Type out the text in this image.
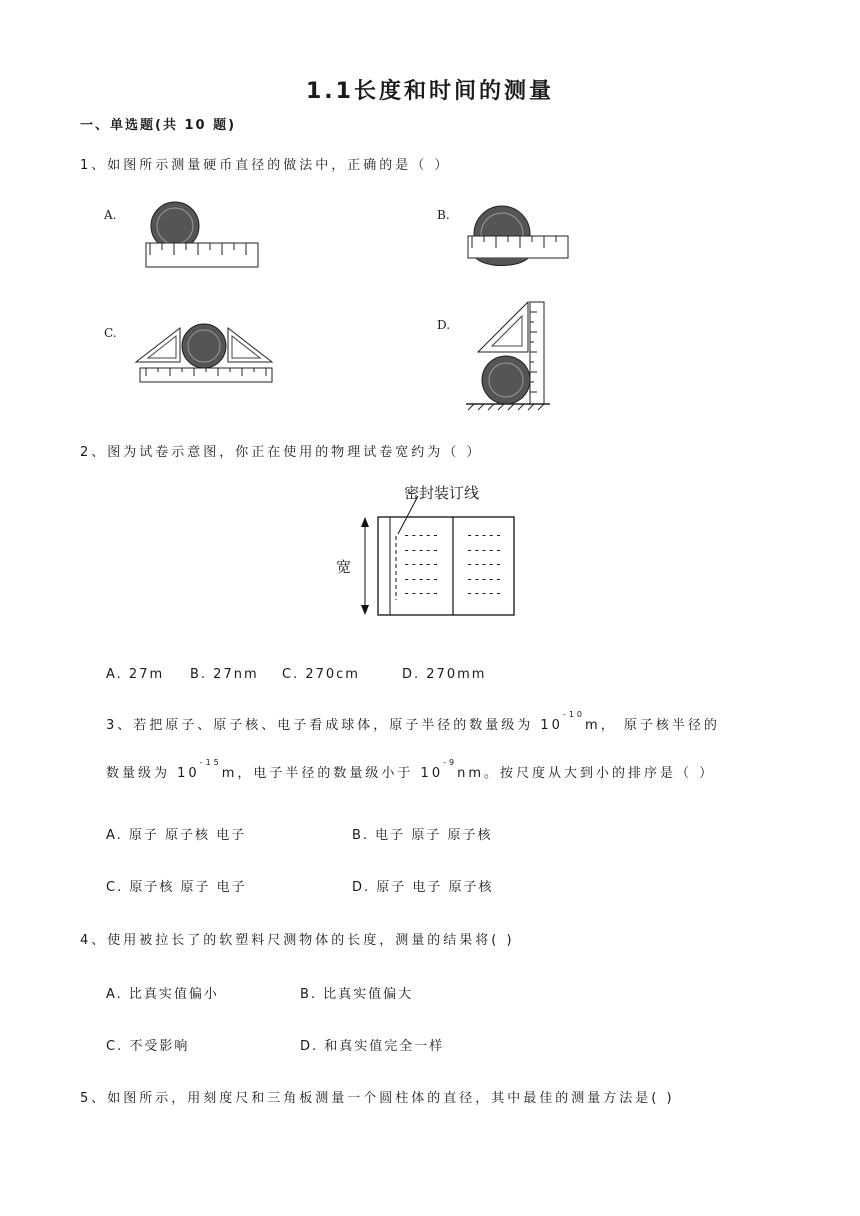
1.1长度和时间的测量
一、单选题(共 10 题)
1、如图所示测量硬币直径的做法中，正确的是（ ）
A.	B.
C.
D.
2、图为试卷示意图，你正在使用的物理试卷宽约为（ ）
密封装订线
宽
-----
-----
-----
-----
-----
-----
-----
-----
-----
-----
A. 27m B. 27nm C. 270cm	D. 270mm
3、若把原子、原子核、电子看成球体，原子半径的数量级为 $10^{-10}m$， 原子核半径的
数量级为 $10^{-15}m$，电子半径的数量级小于 $10^{-9}nm$。按尺度从大到小的排序是（ ）
A. 原子 原子核 电子	B. 电子 原子 原子核
C. 原子核 原子 电子	D. 原子 电子 原子核
4、使用被拉长了的软塑料尺测物体的长度，测量的结果将( )
A. 比真实值偏小	B. 比真实值偏大
C. 不受影响	D. 和真实值完全一样
5、如图所示，用刻度尺和三角板测量一个圆柱体的直径，其中最佳的测量方法是( )
